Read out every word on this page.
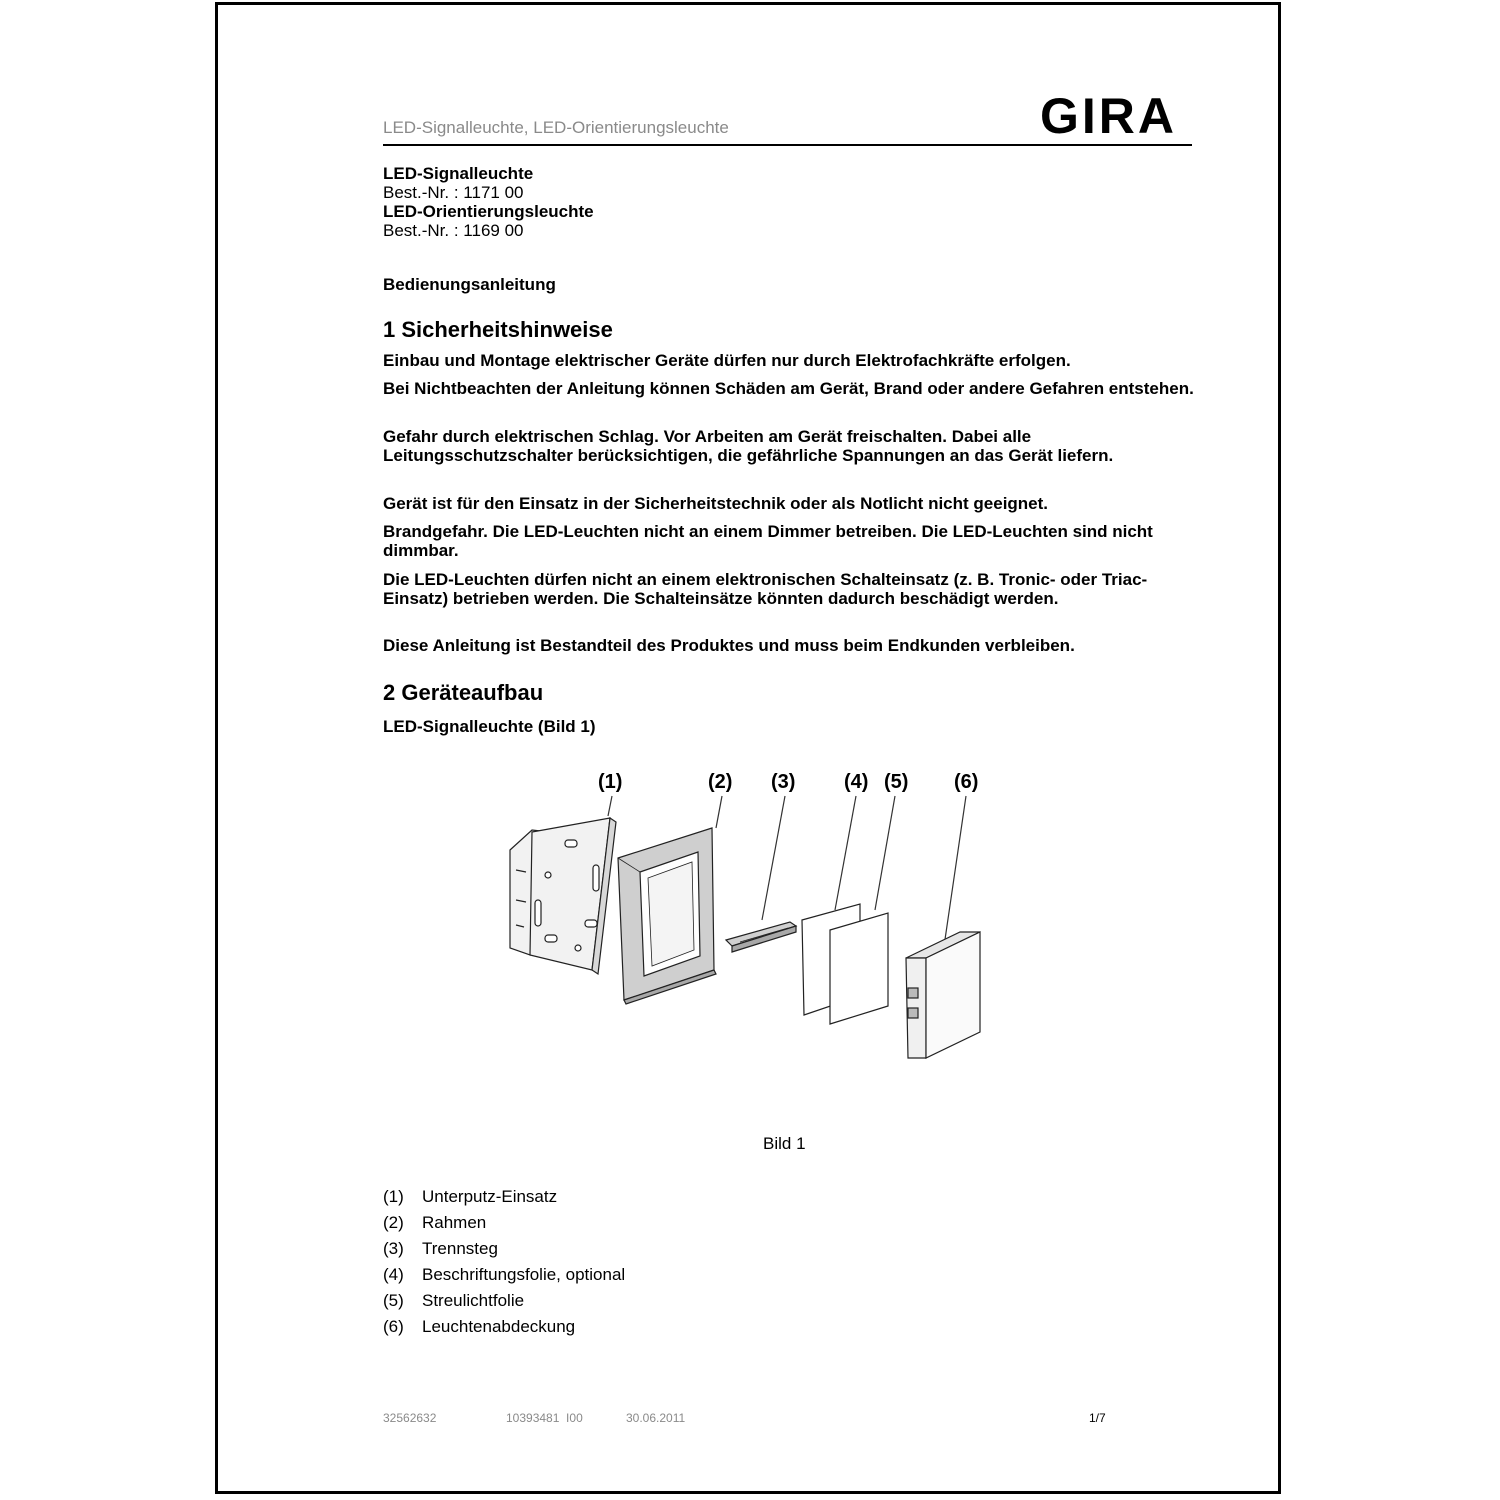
LED-Signalleuchte, LED-Orientierungsleuchte	GIRA
LED-Signalleuchte
Best.-Nr. : 1171 00
LED-Orientierungsleuchte
Best.-Nr. : 1169 00
Bedienungsanleitung
1 Sicherheitshinweise
Einbau und Montage elektrischer Geräte dürfen nur durch Elektrofachkräfte erfolgen.
Bei Nichtbeachten der Anleitung können Schäden am Gerät, Brand oder andere Gefahren entstehen.
Gefahr durch elektrischen Schlag. Vor Arbeiten am Gerät freischalten. Dabei alle Leitungsschutzschalter berücksichtigen, die gefährliche Spannungen an das Gerät liefern.
Gerät ist für den Einsatz in der Sicherheitstechnik oder als Notlicht nicht geeignet.
Brandgefahr. Die LED-Leuchten nicht an einem Dimmer betreiben. Die LED-Leuchten sind nicht dimmbar.
Die LED-Leuchten dürfen nicht an einem elektronischen Schalteinsatz (z. B. Tronic- oder Triac-Einsatz) betrieben werden. Die Schalteinsätze könnten dadurch beschädigt werden.
Diese Anleitung ist Bestandteil des Produktes und muss beim Endkunden verbleiben.
2 Geräteaufbau
LED-Signalleuchte (Bild 1)
(1)	(2) (3) (4) (5) (6)
Bild 1
(1)	Unterputz-Einsatz
(2)	Rahmen
(3)	Trennsteg
(4)	Beschriftungsfolie, optional
(5)	Streulichtfolie
(6)	Leuchtenabdeckung
32562632	10393481  I00	30.06.2011	1/7
